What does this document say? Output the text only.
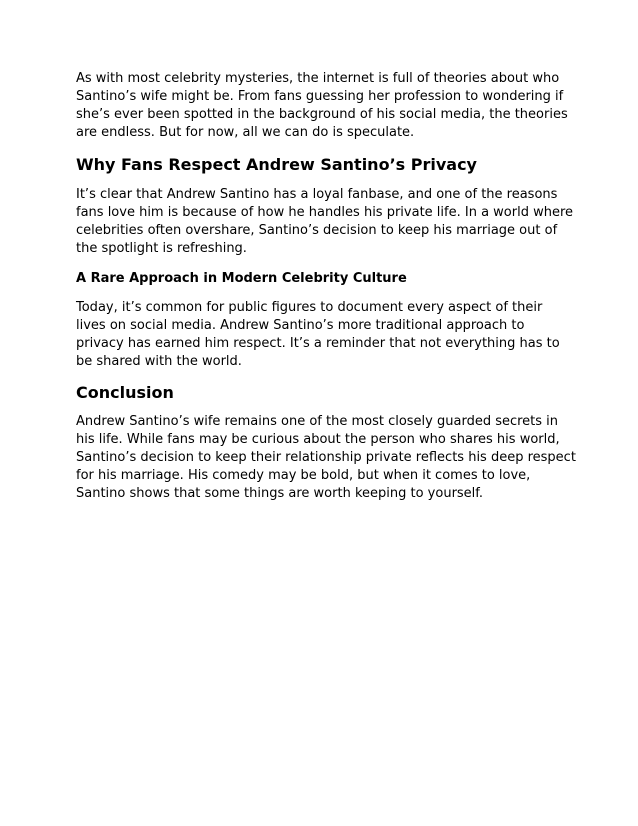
As with most celebrity mysteries, the internet is full of theories about who Santino’s wife might be. From fans guessing her profession to wondering if she’s ever been spotted in the background of his social media, the theories are endless. But for now, all we can do is speculate.

Why Fans Respect Andrew Santino’s Privacy

It’s clear that Andrew Santino has a loyal fanbase, and one of the reasons fans love him is because of how he handles his private life. In a world where celebrities often overshare, Santino’s decision to keep his marriage out of the spotlight is refreshing.

A Rare Approach in Modern Celebrity Culture

Today, it’s common for public figures to document every aspect of their lives on social media. Andrew Santino’s more traditional approach to privacy has earned him respect. It’s a reminder that not everything has to be shared with the world.

Conclusion

Andrew Santino’s wife remains one of the most closely guarded secrets in his life. While fans may be curious about the person who shares his world, Santino’s decision to keep their relationship private reflects his deep respect for his marriage. His comedy may be bold, but when it comes to love, Santino shows that some things are worth keeping to yourself.
